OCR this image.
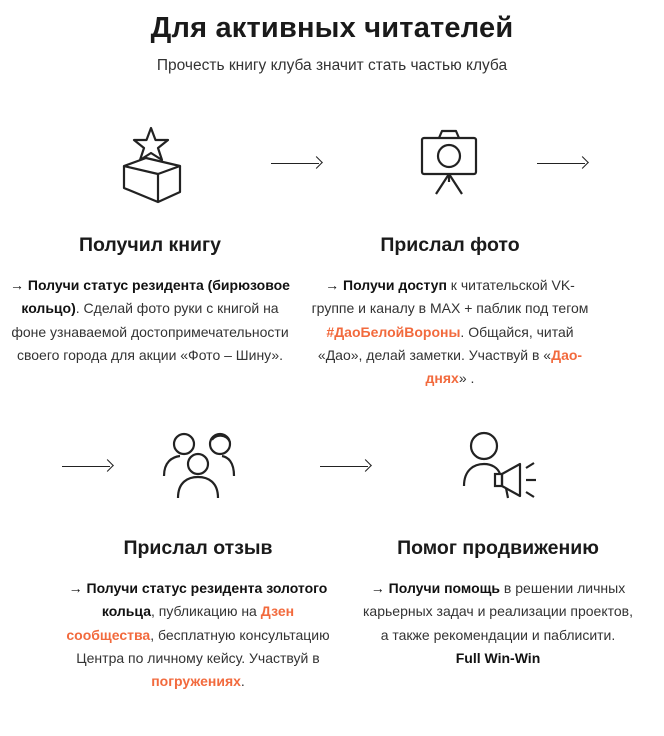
Для активных читателей
Прочесть книгу клуба значит стать частью клуба
Получил книгу
→ Получи статус резидента (бирюзовое кольцо). Сделай фото руки с книгой на фоне узнаваемой достопримечательности своего города для акции «Фото – Шину».
Прислал фото
→ Получи доступ к читательской VK-группе и каналу в MAX + паблик под тегом #ДаоБелойВороны. Общайся, читай «Дао», делай заметки. Участвуй в «Дао-днях» .
Прислал отзыв
→ Получи статус резидента золотого кольца, публикацию на Дзен сообщества, бесплатную консультацию Центра по личному кейсу. Участвуй в погружениях.
Помог продвижению
→ Получи помощь в решении личных карьерных задач и реализации проектов, а также рекомендации и паблисити.
Full Win-Win
